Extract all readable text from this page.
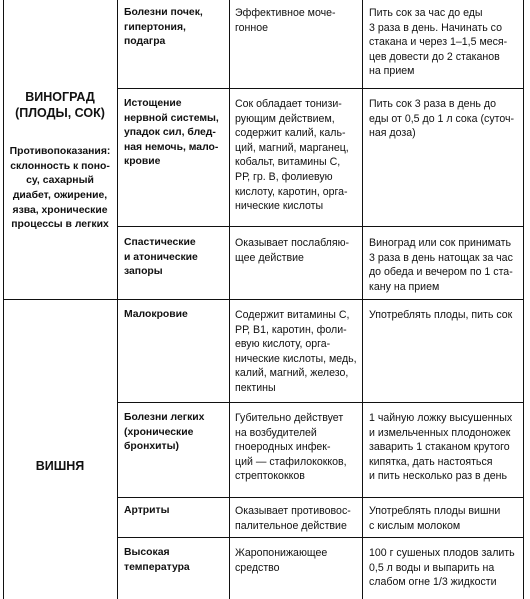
ВИНОГРАД
(ПЛОДЫ, СОК)

Противопоказания:
склонность к поно-
су, сахарный
диабет, ожирение,
язва, хронические
процессы в легких

Болезни почек,
гипертония,
подагра
Эффективное моче-
гонное
Пить сок за час до еды
3 раза в день. Начинать со
стакана и через 1–1,5 меся-
цев довести до 2 стаканов
на прием
Истощение
нервной системы,
упадок сил, блед-
ная немочь, мало-
кровие
Сок обладает тонизи-
рующим действием,
содержит калий, каль-
ций, магний, марганец,
кобальт, витамины С,
РР, гр. В, фолиевую
кислоту, каротин, орга-
нические кислоты
Пить сок 3 раза в день до
еды от 0,5 до 1 л сока (суточ-
ная доза)
Спастические
и атонические
запоры
Оказывает послабляю-
щее действие
Виноград или сок принимать
3 раза в день натощак за час
до обеда и вечером по 1 ста-
кану на прием

ВИШНЯ

Малокровие	Содержит витамины С,
РР, B1, каротин, фоли-
евую кислоту, орга-
нические кислоты, медь,
калий, магний, железо,
пектины
Употреблять плоды, пить сок
Болезни легких
(хронические
бронхиты)
Губительно действует
на возбудителей
гноеродных инфек-
ций — стафилококков,
стрептококков
1 чайную ложку высушенных
и измельченных плодоножек
заварить 1 стаканом крутого
кипятка, дать настояться
и пить несколько раз в день
Артриты	Оказывает противовос-
палительное действие
Употреблять плоды вишни
с кислым молоком
Высокая
температура
Жаропонижающее
средство
100 г сушеных плодов залить
0,5 л воды и выпарить на
слабом огне 1/3 жидкости
